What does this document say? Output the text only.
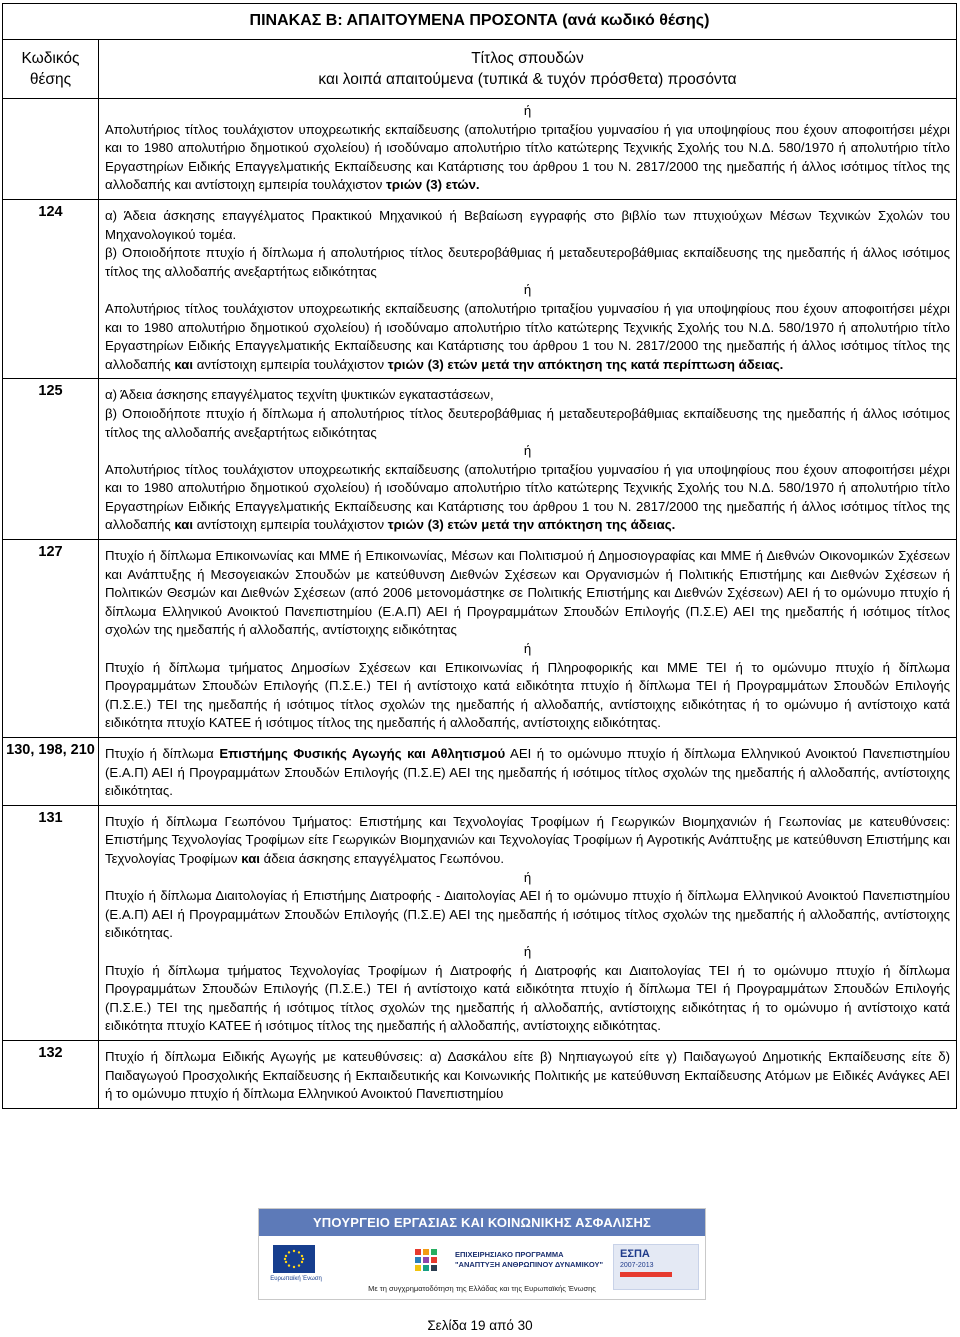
ΠΙΝΑΚΑΣ Β: ΑΠΑΙΤΟΥΜΕΝΑ ΠΡΟΣΟΝΤΑ (ανά κωδικό θέσης)	
Κωδικός θέσης	Τίτλος σπουδών
και λοιπά απαιτούμενα (τυπικά & τυχόν πρόσθετα) προσόντα

	ή

Απολυτήριος τίτλος τουλάχιστον υποχρεωτικής εκπαίδευσης (απολυτήριο τριταξίου γυμνασίου ή για υποψηφίους που έχουν αποφοιτήσει μέχρι και το 1980 απολυτήριο δημοτικού σχολείου) ή ισοδύναμο απολυτήριο τίτλο κατώτερης Τεχνικής Σχολής του Ν.Δ. 580/1970 ή απολυτήριο τίτλο Εργαστηρίων Ειδικής Επαγγελματικής Εκπαίδευσης και Κατάρτισης του άρθρου 1 του Ν. 2817/2000 της ημεδαπής ή άλλος ισότιμος τίτλος της αλλοδαπής και αντίστοιχη εμπειρία τουλάχιστον τριών (3) ετών.

124	α) Άδεια άσκησης επαγγέλματος Πρακτικού Μηχανικού ή Βεβαίωση εγγραφής στο βιβλίο των πτυχιούχων Μέσων Τεχνικών Σχολών του Μηχανολογικού τομέα.

β) Οποιοδήποτε πτυχίο ή δίπλωμα ή απολυτήριος τίτλος δευτεροβάθμιας ή μεταδευτεροβάθμιας εκπαίδευσης της ημεδαπής ή άλλος ισότιμος τίτλος της αλλοδαπής ανεξαρτήτως ειδικότητας

ή

Απολυτήριος τίτλος τουλάχιστον υποχρεωτικής εκπαίδευσης (απολυτήριο τριταξίου γυμνασίου ή για υποψηφίους που έχουν αποφοιτήσει μέχρι και το 1980 απολυτήριο δημοτικού σχολείου) ή ισοδύναμο απολυτήριο τίτλο κατώτερης Τεχνικής Σχολής του Ν.Δ. 580/1970 ή απολυτήριο τίτλο Εργαστηρίων Ειδικής Επαγγελματικής Εκπαίδευσης και Κατάρτισης του άρθρου 1 του Ν. 2817/2000 της ημεδαπής ή άλλος ισότιμος τίτλος της αλλοδαπής και αντίστοιχη εμπειρία τουλάχιστον τριών (3) ετών μετά την απόκτηση της κατά περίπτωση άδειας.

125	α) Άδεια άσκησης επαγγέλματος τεχνίτη ψυκτικών εγκαταστάσεων,

β) Οποιοδήποτε πτυχίο ή δίπλωμα ή απολυτήριος τίτλος δευτεροβάθμιας ή μεταδευτεροβάθμιας εκπαίδευσης της ημεδαπής ή άλλος ισότιμος τίτλος της αλλοδαπής ανεξαρτήτως ειδικότητας

ή

Απολυτήριος τίτλος τουλάχιστον υποχρεωτικής εκπαίδευσης (απολυτήριο τριταξίου γυμνασίου ή για υποψηφίους που έχουν αποφοιτήσει μέχρι και το 1980 απολυτήριο δημοτικού σχολείου) ή ισοδύναμο απολυτήριο τίτλο κατώτερης Τεχνικής Σχολής του Ν.Δ. 580/1970 ή απολυτήριο τίτλο Εργαστηρίων Ειδικής Επαγγελματικής Εκπαίδευσης και Κατάρτισης του άρθρου 1 του Ν. 2817/2000 της ημεδαπής ή άλλος ισότιμος τίτλος της αλλοδαπής και αντίστοιχη εμπειρία τουλάχιστον τριών (3) ετών μετά την απόκτηση της άδειας.

127	Πτυχίο ή δίπλωμα Επικοινωνίας και ΜΜΕ ή Επικοινωνίας, Μέσων και Πολιτισμού ή Δημοσιογραφίας και ΜΜΕ ή Διεθνών Οικονομικών Σχέσεων και Ανάπτυξης ή Μεσογειακών Σπουδών με κατεύθυνση Διεθνών Σχέσεων και Οργανισμών ή Πολιτικής Επιστήμης και Διεθνών Σχέσεων ή Πολιτικών Θεσμών και Διεθνών Σχέσεων (από 2006 μετονομάστηκε σε Πολιτικής Επιστήμης και Διεθνών Σχέσεων) ΑΕΙ ή το ομώνυμο πτυχίο ή δίπλωμα Ελληνικού Ανοικτού Πανεπιστημίου (Ε.Α.Π) ΑΕΙ ή Προγραμμάτων Σπουδών Επιλογής (Π.Σ.Ε) ΑΕΙ της ημεδαπής ή ισότιμος τίτλος σχολών της ημεδαπής ή αλλοδαπής, αντίστοιχης ειδικότητας

ή

Πτυχίο ή δίπλωμα τμήματος Δημοσίων Σχέσεων και Επικοινωνίας ή Πληροφορικής και ΜΜΕ ΤΕΙ ή το ομώνυμο πτυχίο ή δίπλωμα Προγραμμάτων Σπουδών Επιλογής (Π.Σ.Ε.) ΤΕΙ ή αντίστοιχο κατά ειδικότητα πτυχίο ή δίπλωμα ΤΕΙ ή Προγραμμάτων Σπουδών Επιλογής (Π.Σ.Ε.) ΤΕΙ της ημεδαπής ή ισότιμος τίτλος σχολών της ημεδαπής ή αλλοδαπής, αντίστοιχης ειδικότητας ή το ομώνυμο ή αντίστοιχο κατά ειδικότητα πτυχίο ΚΑΤΕΕ ή ισότιμος τίτλος της ημεδαπής ή αλλοδαπής, αντίστοιχης ειδικότητας.

130, 198, 210	Πτυχίο ή δίπλωμα Επιστήμης Φυσικής Αγωγής και Αθλητισμού ΑΕΙ ή το ομώνυμο πτυχίο ή δίπλωμα Ελληνικού Ανοικτού Πανεπιστημίου (Ε.Α.Π) ΑΕΙ ή Προγραμμάτων Σπουδών Επιλογής (Π.Σ.Ε) ΑΕΙ της ημεδαπής ή ισότιμος τίτλος σχολών της ημεδαπής ή αλλοδαπής, αντίστοιχης ειδικότητας.

131	Πτυχίο ή δίπλωμα Γεωπόνου Τμήματος: Επιστήμης και Τεχνολογίας Τροφίμων ή Γεωργικών Βιομηχανιών ή Γεωπονίας με κατευθύνσεις: Επιστήμης Τεχνολογίας Τροφίμων είτε Γεωργικών Βιομηχανιών και Τεχνολογίας Τροφίμων ή Αγροτικής Ανάπτυξης με κατεύθυνση Επιστήμης και Τεχνολογίας Τροφίμων και άδεια άσκησης επαγγέλματος Γεωπόνου.

ή

Πτυχίο ή δίπλωμα Διαιτολογίας ή Επιστήμης Διατροφής - Διαιτολογίας ΑΕΙ ή το ομώνυμο πτυχίο ή δίπλωμα Ελληνικού Ανοικτού Πανεπιστημίου (Ε.Α.Π) ΑΕΙ ή Προγραμμάτων Σπουδών Επιλογής (Π.Σ.Ε) ΑΕΙ της ημεδαπής ή ισότιμος τίτλος σχολών της ημεδαπής ή αλλοδαπής, αντίστοιχης ειδικότητας.

ή

Πτυχίο ή δίπλωμα τμήματος Τεχνολογίας Τροφίμων ή Διατροφής ή Διατροφής και Διαιτολογίας ΤΕΙ ή το ομώνυμο πτυχίο ή δίπλωμα Προγραμμάτων Σπουδών Επιλογής (Π.Σ.Ε.) ΤΕΙ ή αντίστοιχο κατά ειδικότητα πτυχίο ή δίπλωμα ΤΕΙ ή Προγραμμάτων Σπουδών Επιλογής (Π.Σ.Ε.) ΤΕΙ της ημεδαπής ή ισότιμος τίτλος σχολών της ημεδαπής ή αλλοδαπής, αντίστοιχης ειδικότητας ή το ομώνυμο ή αντίστοιχο κατά ειδικότητα πτυχίο ΚΑΤΕΕ ή ισότιμος τίτλος της ημεδαπής ή αλλοδαπής, αντίστοιχης ειδικότητας.

132	Πτυχίο ή δίπλωμα Ειδικής Αγωγής με κατευθύνσεις: α) Δασκάλου είτε β) Νηπιαγωγού είτε γ) Παιδαγωγού Δημοτικής Εκπαίδευσης είτε δ) Παιδαγωγού Προσχολικής Εκπαίδευσης ή Εκπαιδευτικής και Κοινωνικής Πολιτικής με κατεύθυνση Εκπαίδευσης Ατόμων με Ειδικές Ανάγκες ΑΕΙ ή το ομώνυμο πτυχίο ή δίπλωμα Ελληνικού Ανοικτού Πανεπιστημίου

ΥΠΟΥΡΓΕΙΟ ΕΡΓΑΣΙΑΣ ΚΑΙ ΚΟΙΝΩΝΙΚΗΣ ΑΣΦΑΛΙΣΗΣ
Ευρωπαϊκή Ένωση
ΕΠΙΧΕΙΡΗΣΙΑΚΟ ΠΡΟΓΡΑΜΜΑ
"ΑΝΑΠΤΥΞΗ ΑΝΘΡΩΠΙΝΟΥ ΔΥΝΑΜΙΚΟΥ"
ΕΣΠΑ
2007-2013
Με τη συγχρηματοδότηση της Ελλάδας και της Ευρωπαϊκής Ένωσης
Σελίδα 19 από 30
